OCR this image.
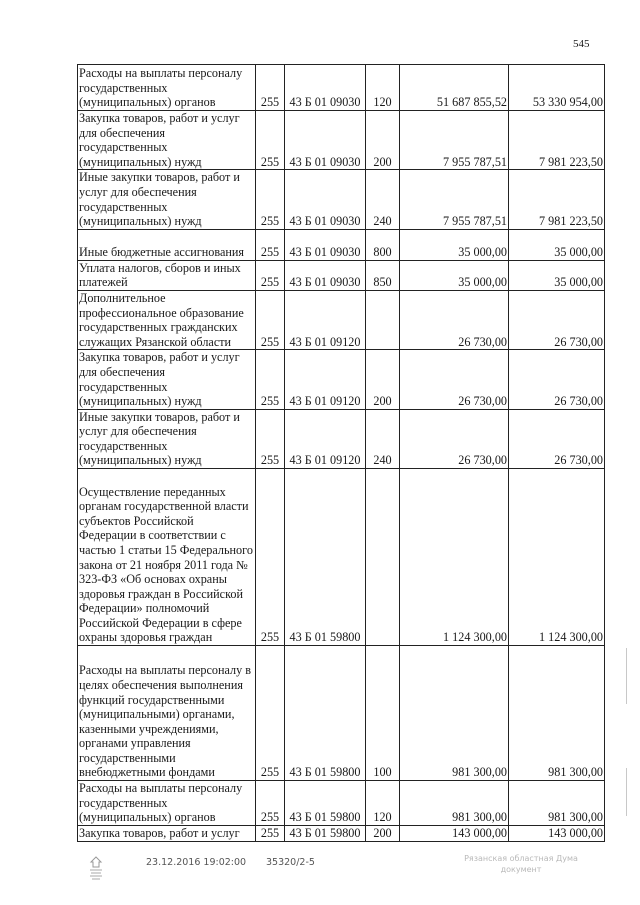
545
Расходы на выплаты персоналу государственных (муниципальных) органов	255	43 Б 01 09030	120	51 687 855,52	53 330 954,00
Закупка товаров, работ и услуг для обеспечения государственных (муниципальных) нужд	255	43 Б 01 09030	200	7 955 787,51	7 981 223,50
Иные закупки товаров, работ и услуг для обеспечения государственных (муниципальных) нужд	255	43 Б 01 09030	240	7 955 787,51	7 981 223,50
Иные бюджетные ассигнования	255	43 Б 01 09030	800	35 000,00	35 000,00
Уплата налогов, сборов и иных платежей	255	43 Б 01 09030	850	35 000,00	35 000,00
Дополнительное профессиональное образование государственных гражданских служащих Рязанской области	255	43 Б 01 09120		26 730,00	26 730,00
Закупка товаров, работ и услуг для обеспечения государственных (муниципальных) нужд	255	43 Б 01 09120	200	26 730,00	26 730,00
Иные закупки товаров, работ и услуг для обеспечения государственных (муниципальных) нужд	255	43 Б 01 09120	240	26 730,00	26 730,00
Осуществление переданных органам государственной власти субъектов Российской Федерации в соответствии с частью 1 статьи 15 Федерального закона от 21 ноября 2011 года № 323-ФЗ «Об основах охраны здоровья граждан в Российской Федерации» полномочий Российской Федерации в сфере охраны здоровья граждан	255	43 Б 01 59800		1 124 300,00	1 124 300,00
Расходы на выплаты персоналу в целях обеспечения выполнения функций государственными (муниципальными) органами, казенными учреждениями, органами управления государственными внебюджетными фондами	255	43 Б 01 59800	100	981 300,00	981 300,00
Расходы на выплаты персоналу государственных (муниципальных) органов	255	43 Б 01 59800	120	981 300,00	981 300,00
Закупка товаров, работ и услуг	255	43 Б 01 59800	200	143 000,00	143 000,00
23.12.2016 19:02:00 35320/2-5	Рязанская областная Дума
документ
